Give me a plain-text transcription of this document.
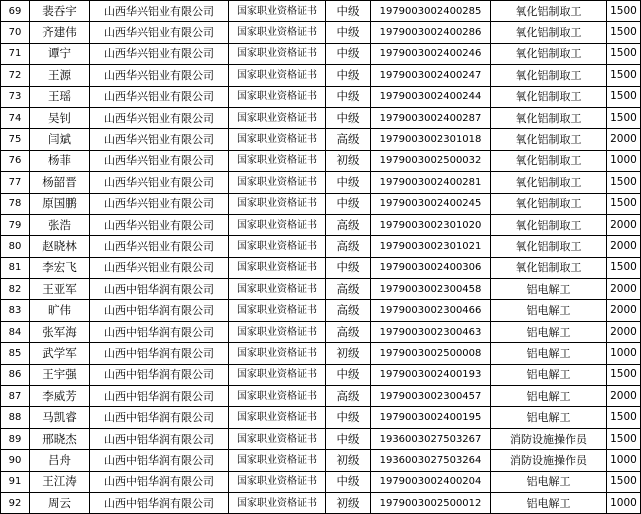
69	裴吞宇	山西华兴铝业有限公司	国家职业资格证书	中级	1979003002400285	氧化铝制取工	1500
70	齐建伟	山西华兴铝业有限公司	国家职业资格证书	中级	1979003002400286	氧化铝制取工	1500
71	谭宁	山西华兴铝业有限公司	国家职业资格证书	中级	1979003002400246	氧化铝制取工	1500
72	王源	山西华兴铝业有限公司	国家职业资格证书	中级	1979003002400247	氧化铝制取工	1500
73	王瑶	山西华兴铝业有限公司	国家职业资格证书	中级	1979003002400244	氧化铝制取工	1500
74	吴钊	山西华兴铝业有限公司	国家职业资格证书	中级	1979003002400287	氧化铝制取工	1500
75	闫斌	山西华兴铝业有限公司	国家职业资格证书	高级	1979003002301018	氧化铝制取工	2000
76	杨菲	山西华兴铝业有限公司	国家职业资格证书	初级	1979003002500032	氧化铝制取工	1000
77	杨韶晋	山西华兴铝业有限公司	国家职业资格证书	中级	1979003002400281	氧化铝制取工	1500
78	原国鹏	山西华兴铝业有限公司	国家职业资格证书	中级	1979003002400245	氧化铝制取工	1500
79	张浩	山西华兴铝业有限公司	国家职业资格证书	高级	1979003002301020	氧化铝制取工	2000
80	赵晓林	山西华兴铝业有限公司	国家职业资格证书	高级	1979003002301021	氧化铝制取工	2000
81	李宏飞	山西华兴铝业有限公司	国家职业资格证书	中级	1979003002400306	氧化铝制取工	1500
82	王亚军	山西中铝华润有限公司	国家职业资格证书	高级	1979003002300458	铝电解工	2000
83	旷伟	山西中铝华润有限公司	国家职业资格证书	高级	1979003002300466	铝电解工	2000
84	张军海	山西中铝华润有限公司	国家职业资格证书	高级	1979003002300463	铝电解工	2000
85	武学军	山西中铝华润有限公司	国家职业资格证书	初级	1979003002500008	铝电解工	1000
86	王宇强	山西中铝华润有限公司	国家职业资格证书	中级	1979003002400193	铝电解工	1500
87	李威芳	山西中铝华润有限公司	国家职业资格证书	高级	1979003002300457	铝电解工	2000
88	马凯睿	山西中铝华润有限公司	国家职业资格证书	中级	1979003002400195	铝电解工	1500
89	邢晓杰	山西中铝华润有限公司	国家职业资格证书	中级	1936003027503267	消防设施操作员	1500
90	吕舟	山西中铝华润有限公司	国家职业资格证书	初级	1936003027503264	消防设施操作员	1000
91	王江涛	山西中铝华润有限公司	国家职业资格证书	中级	1979003002400204	铝电解工	1500
92	周云	山西中铝华润有限公司	国家职业资格证书	初级	1979003002500012	铝电解工	1000
